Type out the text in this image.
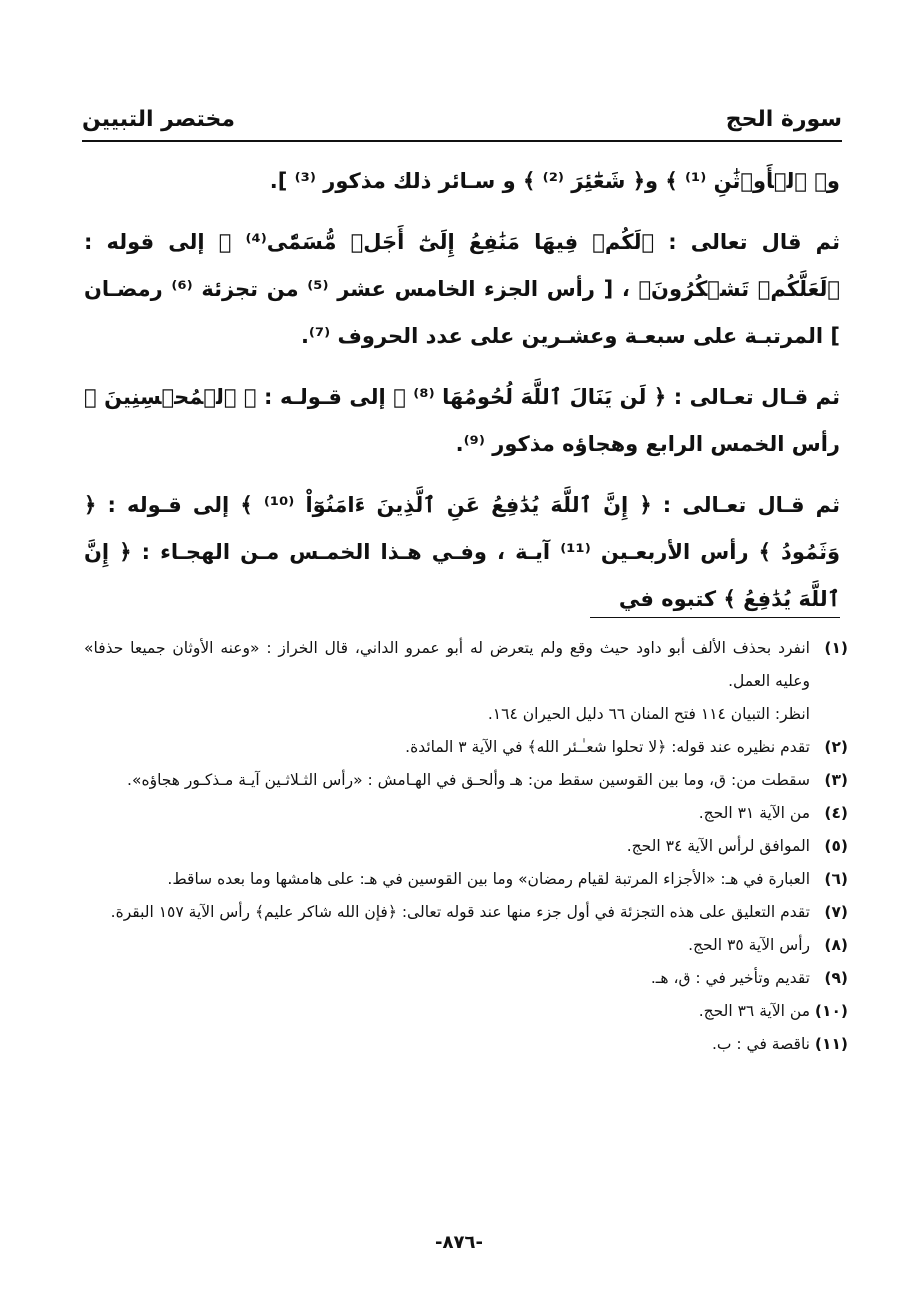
سورة الحج
مختصر التبيين

و﴿ ٱلۡأَوۡثَٰنِ ⁽¹⁾ ﴾ و﴿ شَعَٰٓئِرَ ⁽²⁾ ﴾ و سـائر ذلك مذكور ⁽³⁾ ].

ثم قال تعالى : ﴿لَكُمۡ فِيهَا مَنَٰفِعُ إِلَىٰٓ أَجَلٖ مُّسَمّٗى⁽⁴⁾ ﴾ إلى قوله : ﴿لَعَلَّكُمۡ تَشۡكُرُونَ﴾ ، [ رأس الجزء الخامس عشر ⁽⁵⁾ من تجزئة ⁽⁶⁾ رمضـان ] المرتبـة على سبعـة وعشـرين على عدد الحروف ⁽⁷⁾.

ثم قـال تعـالى : ﴿ لَن يَنَالَ ٱللَّهَ لُحُومُهَا ⁽⁸⁾ ﴾ إلى قـولـه : ﴿ ٱلۡمُحۡسِنِينَ ﴾ رأس الخمس الرابع وهجاؤه مذكور ⁽⁹⁾.

ثم قـال تعـالى : ﴿ إِنَّ ٱللَّهَ يُدَٰفِعُ عَنِ ٱلَّذِينَ ءَامَنُوٓاْ ⁽¹⁰⁾ ﴾ إلى قـوله : ﴿ وَثَمُودُ ﴾ رأس الأربعـين ⁽¹¹⁾ آيـة ، وفـي هـذا الخمـس مـن الهجـاء : ﴿ إِنَّ ٱللَّهَ يُدَٰفِعُ ﴾ كتبوه في

(١)
انفرد بحذف الألف أبو داود حيث وقع ولم يتعرض له أبو عمرو الداني، قال الخراز : «وعنه الأوثان جميعا حذفا» وعليه العمل.
انظر: التبيان ١١٤ فتح المنان ٦٦ دليل الحيران ١٦٤.
(٢)
تقدم نظيره عند قوله: ﴿لا تحلوا شعـٰـئر الله﴾ في الآية ٣ المائدة.
(٣)
سقطت من: ق، وما بين القوسين سقط من: هـ وألحـق في الهـامش : «رأس الثـلاثـين آيـة مـذكـور هجاؤه».
(٤)
من الآية ٣١ الحج.
(٥)
الموافق لرأس الآية ٣٤ الحج.
(٦)
العبارة في هـ: «الأجزاء المرتبة لقيام رمضان» وما بين القوسين في هـ: على هامشها وما بعده ساقط.
(٧)
تقدم التعليق على هذه التجزئة في أول جزء منها عند قوله تعالى: ﴿فإن الله شاكر عليم﴾ رأس الآية ١٥٧ البقرة.
(٨)
رأس الآية ٣٥ الحج.
(٩)
تقديم وتأخير في : ق، هـ.
(١٠)
من الآية ٣٦ الحج.
(١١)
ناقصة في : ب.
-٨٧٦-
